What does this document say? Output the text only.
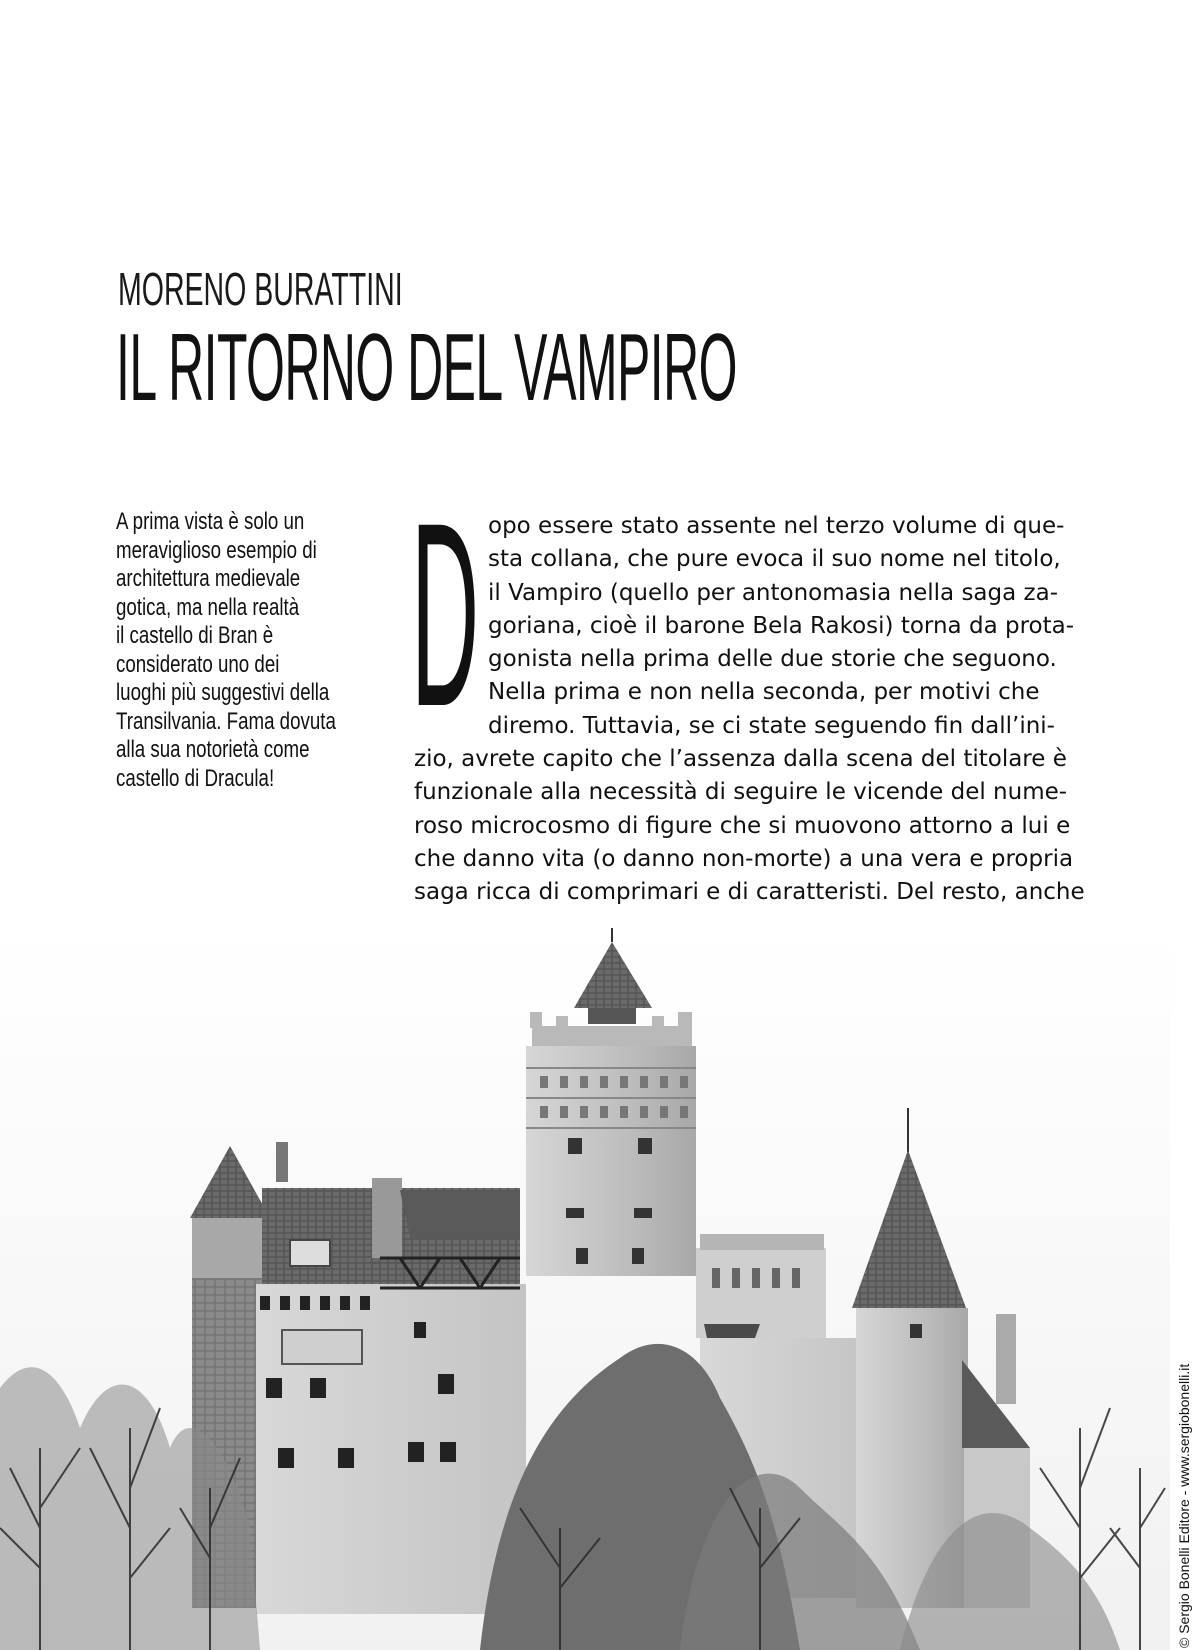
MORENO BURATTINI
IL RITORNO DEL VAMPIRO
A prima vista è solo un
meraviglioso esempio di
architettura medievale
gotica, ma nella realtà
il castello di Bran è
considerato uno dei
luoghi più suggestivi della
Transilvania. Fama dovuta
alla sua notorietà come
castello di Dracula!
D opo essere stato assente nel terzo volume di que-
sta collana, che pure evoca il suo nome nel titolo,
il Vampiro (quello per antonomasia nella saga za-
goriana, cioè il barone Bela Rakosi) torna da prota-
gonista nella prima delle due storie che seguono.
Nella prima e non nella seconda, per motivi che
diremo. Tuttavia, se ci state seguendo fin dall’ini-
zio, avrete capito che l’assenza dalla scena del titolare è
funzionale alla necessità di seguire le vicende del nume-
roso microcosmo di figure che si muovono attorno a lui e
che danno vita (o danno non-morte) a una vera e propria
saga ricca di comprimari e di caratteristi. Del resto, anche
© Sergio Bonelli Editore - www.sergiobonelli.it
